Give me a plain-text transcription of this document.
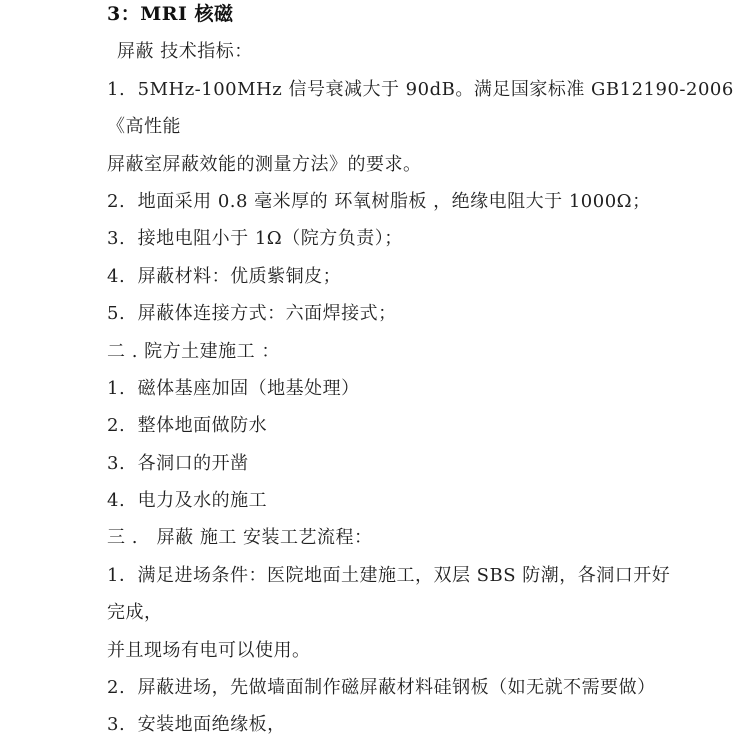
3：MRI 核磁
屏蔽 技术指标：
1.  5MHz-100MHz 信号衰减大于 90dB。满足国家标准 GB12190-2006
《高性能
屏蔽室屏蔽效能的测量方法》的要求。
2.  地面采用 0.8 毫米厚的 环氧树脂板 ，绝缘电阻大于 1000Ω；
3.  接地电阻小于 1Ω（院方负责）；
4.  屏蔽材料：优质紫铜皮；
5.  屏蔽体连接方式：六面焊接式；
二 . 院方土建施工 ：
1.  磁体基座加固（地基处理）
2.  整体地面做防水
3.  各洞口的开凿
4.  电力及水的施工
三 .   屏蔽 施工 安装工艺流程：
1．满足进场条件：医院地面土建施工，双层 SBS 防潮，各洞口开好
完成，
并且现场有电可以使用。
2.  屏蔽进场，先做墙面制作磁屏蔽材料硅钢板（如无就不需要做）
3.  安装地面绝缘板，
